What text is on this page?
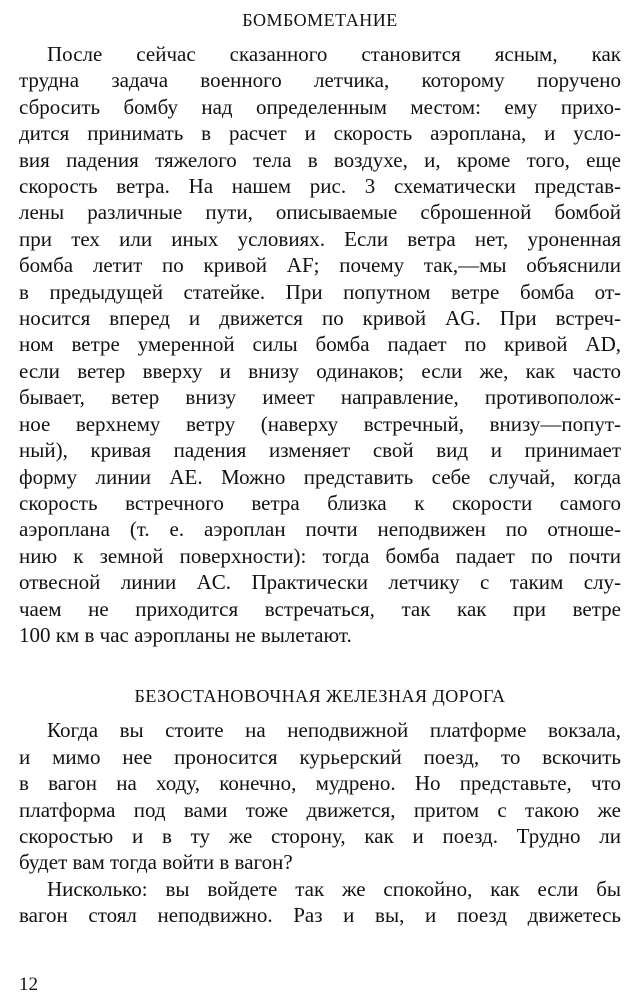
БОМБОМЕТАНИЕ

После сейчас сказанного становится ясным, как
трудна задача военного летчика, которому поручено
сбросить бомбу над определенным местом: ему прихо-
дится принимать в расчет и скорость аэроплана, и усло-
вия падения тяжелого тела в воздухе, и, кроме того, еще
скорость ветра. На нашем рис. 3 схематически представ-
лены различные пути, описываемые сброшенной бомбой
при тех или иных условиях. Если ветра нет, уроненная
бомба летит по кривой AF; почему так,—мы объяснили
в предыдущей статейке. При попутном ветре бомба от-
носится вперед и движется по кривой AG. При встреч-
ном ветре умеренной силы бомба падает по кривой AD,
если ветер вверху и внизу одинаков; если же, как часто
бывает, ветер внизу имеет направление, противополож-
ное верхнему ветру (наверху встречный, внизу—попут-
ный), кривая падения изменяет свой вид и принимает
форму линии AE. Можно представить себе случай, когда
скорость встречного ветра близка к скорости самого
аэроплана (т. е. аэроплан почти неподвижен по отноше-
нию к земной поверхности): тогда бомба падает по почти
отвесной линии AC. Практически летчику с таким слу-
чаем не приходится встречаться, так как при ветре
100 км в час аэропланы не вылетают.

БЕЗОСТАНОВОЧНАЯ ЖЕЛЕЗНАЯ ДОРОГА

Когда вы стоите на неподвижной платформе вокзала,
и мимо нее проносится курьерский поезд, то вскочить
в вагон на ходу, конечно, мудрено. Но представьте, что
платформа под вами тоже движется, притом с такою же
скоростью и в ту же сторону, как и поезд. Трудно ли
будет вам тогда войти в вагон?

Нисколько: вы войдете так же спокойно, как если бы
вагон стоял неподвижно. Раз и вы, и поезд движетесь

12
